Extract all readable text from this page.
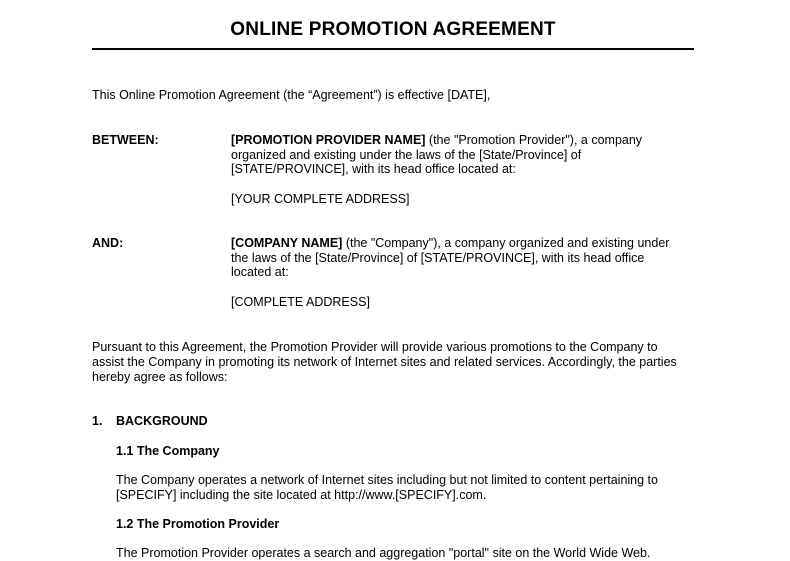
ONLINE PROMOTION AGREEMENT
This Online Promotion Agreement (the “Agreement”) is effective [DATE],
BETWEEN:	[PROMOTION PROVIDER NAME] (the "Promotion Provider"), a company
organized and existing under the laws of the [State/Province] of
[STATE/PROVINCE], with its head office located at:
[YOUR COMPLETE ADDRESS]
AND:	[COMPANY NAME] (the "Company"), a company organized and existing under
the laws of the [State/Province] of [STATE/PROVINCE], with its head office
located at:
[COMPLETE ADDRESS]
Pursuant to this Agreement, the Promotion Provider will provide various promotions to the Company to
assist the Company in promoting its network of Internet sites and related services. Accordingly, the parties
hereby agree as follows:
1. BACKGROUND
1.1 The Company
The Company operates a network of Internet sites including but not limited to content pertaining to
[SPECIFY] including the site located at http://www.[SPECIFY].com.
1.2 The Promotion Provider
The Promotion Provider operates a search and aggregation "portal" site on the World Wide Web.
